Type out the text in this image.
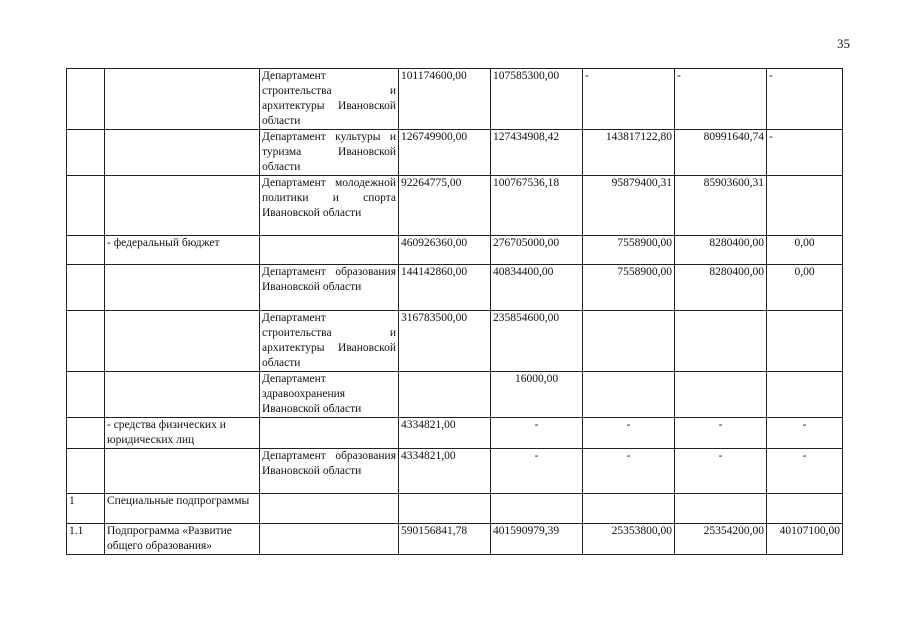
35
		Департамент строительства и архитектуры Ивановской области	101174600,00	107585300,00	-	-	-
		Департамент культуры и туризма Ивановской области	126749900,00	127434908,42	143817122,80	80991640,74	-
		Департамент молодежной политики и спорта Ивановской области	92264775,00	100767536,18	95879400,31	85903600,31	
	- федеральный бюджет		460926360,00	276705000,00	7558900,00	8280400,00	0,00
		Департамент образования Ивановской области	144142860,00	40834400,00	7558900,00	8280400,00	0,00
		Департамент строительства и архитектуры Ивановской области	316783500,00	235854600,00			
		Департамент здравоохранения Ивановской области		16000,00			
	- средства физических и юридических лиц		4334821,00	-	-	-	-
		Департамент образования Ивановской области	4334821,00	-	-	-	-
1	Специальные подпрограммы						
1.1	Подпрограмма «Развитие общего образования»		590156841,78	401590979,39	25353800,00	25354200,00	40107100,00
